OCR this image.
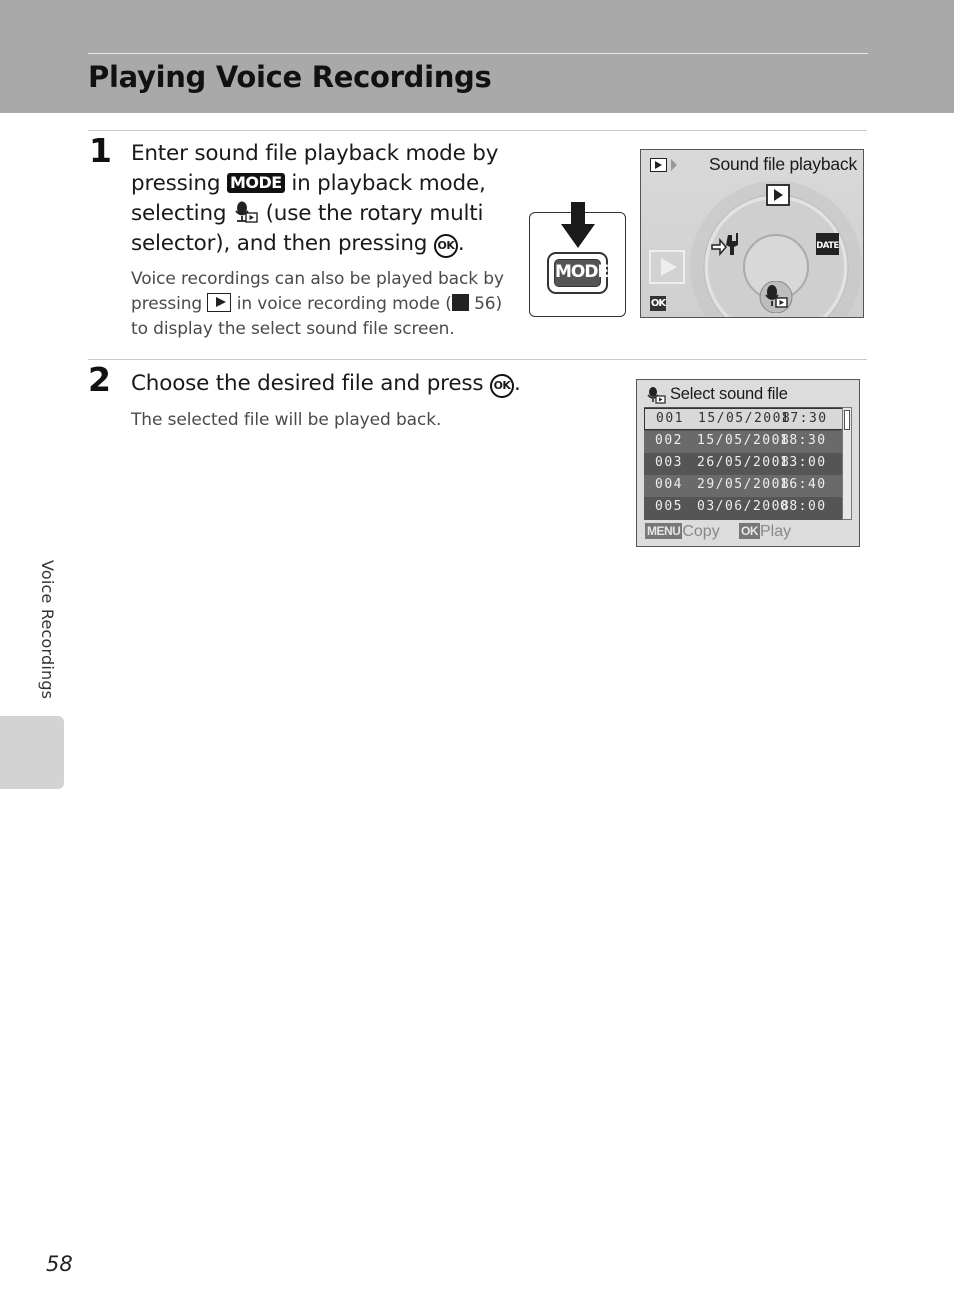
Playing Voice Recordings
1 Enter sound file playback mode by
pressing MODE in playback mode,
selecting (use the rotary multi
selector), and then pressing OK .
Voice recordings can also be played back by
pressing in voice recording mode ( 56)
to display the select sound file screen.
MODE
Sound file playback
OK
DATE
2 Choose the desired file and press OK .
The selected file will be played back.
Select sound file
001 15/05/2008
17:30
002 15/05/2008
18:30
003 26/05/2008
13:00
004 29/05/2008
16:40
005 03/06/2008
08:00
MENU Copy OK Play
Voice Recordings
58
